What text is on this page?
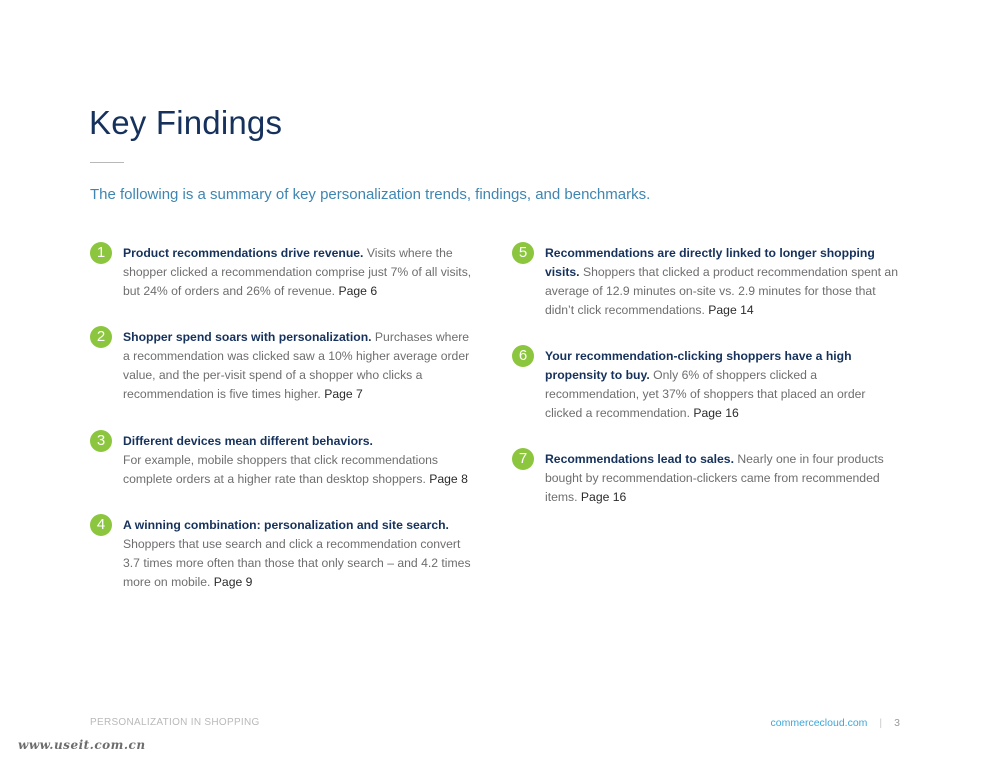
Key Findings

The following is a summary of key personalization trends, findings, and benchmarks.

1	Product recommendations drive revenue. Visits where the shopper clicked a recommendation comprise just 7% of all visits, but 24% of orders and 26% of revenue. Page 6
2	Shopper spend soars with personalization. Purchases where a recommendation was clicked saw a 10% higher average order value, and the per-visit spend of a shopper who clicks a recommendation is five times higher. Page 7
3	Different devices mean different behaviors.
For example, mobile shoppers that click recommendations complete orders at a higher rate than desktop shoppers. Page 8
4	A winning combination: personalization and site search.
Shoppers that use search and click a recommendation convert 3.7 times more often than those that only search – and 4.2 times more on mobile. Page 9
5	Recommendations are directly linked to longer shopping visits. Shoppers that clicked a product recommendation spent an average of 12.9 minutes on-site vs. 2.9 minutes for those that didn’t click recommendations. Page 14
6	Your recommendation-clicking shoppers have a high propensity to buy. Only 6% of shoppers clicked a recommendation, yet 37% of shoppers that placed an order clicked a recommendation. Page 16
7	Recommendations lead to sales. Nearly one in four products bought by recommendation-clickers came from recommended items. Page 16
PERSONALIZATION IN SHOPPING	commercecloud.com | 3
www.useit.com.cn
